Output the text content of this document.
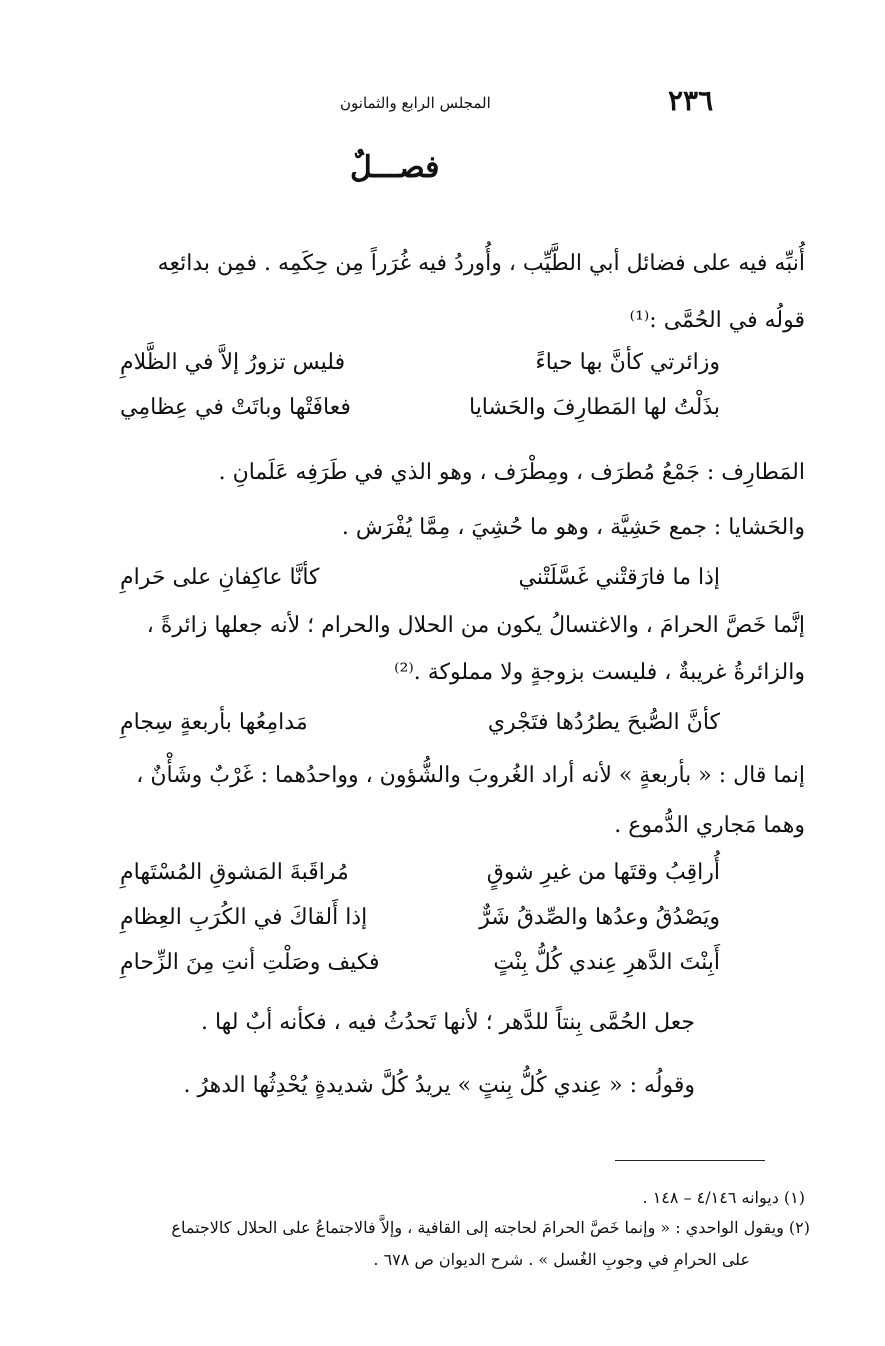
٢٣٦
المجلس الرابع والثمانون
فصـــلٌ
أُنبِّه فيه على فضائل أبي الطَّيِّب ، وأُوردُ فيه غُرَراً مِن حِكَمِه . فمِن بدائعِه
قولُه في الحُمَّى :⁽¹⁾
وزائرتي كأنَّ بها حياءً
فليس تزورُ إلاَّ في الظَّلامِ
بذَلْتُ لها المَطارِفَ والحَشايا
فعافَتْها وباتَتْ في عِظامِي
المَطارِف : جَمْعُ مُطرَف ، ومِطْرَف ، وهو الذي في طَرَفِه عَلَمانِ .
والحَشايا : جمع حَشِيَّة ، وهو ما حُشِيَ ، مِمَّا يُفْرَش .
إذا ما فارَقتْني غَسَّلَتْني
كأنَّا عاكِفانِ على حَرامِ
إنَّما خَصَّ الحرامَ ، والاغتسالُ يكون من الحلال والحرام ؛ لأنه جعلها زائرةً ،
والزائرةُ غريبةٌ ، فليست بزوجةٍ ولا مملوكة .⁽²⁾
كأنَّ الصُّبحَ يطرُدُها فتَجْري
مَدامِعُها بأربعةٍ سِجامِ
إنما قال : « بأربعةٍ » لأنه أراد الغُروبَ والشُّؤون ، وواحدُهما : غَرْبٌ وشَأْنٌ ،
وهما مَجاري الدُّموع .
أُراقِبُ وقتَها من غيرِ شوقٍ
مُراقَبةَ المَشوقِ المُسْتَهامِ
ويَصْدُقُ وعدُها والصِّدقُ شَرٌّ
إذا أَلقاكَ في الكُرَبِ العِظامِ
أَبِنْتَ الدَّهرِ عِندي كُلُّ بِنْتٍ
فكيف وصَلْتِ أنتِ مِنَ الزِّحامِ
جعل الحُمَّى بِنتاً للدَّهر ؛ لأنها تَحدُثُ فيه ، فكأنه أبٌ لها .
وقولُه : « عِندي كُلُّ بِنتٍ » يريدُ كُلَّ شديدةٍ يُحْدِثُها الدهرُ .
(١) ديوانه ٤/١٤٦ – ١٤٨ .
(٢) ويقول الواحدي : « وإنما خَصَّ الحرامَ لحاجته إلى القافية ، وإلاَّ فالاجتماعُ على الحلال كالاجتماع
على الحرامِ في وجوبِ الغُسل » . شرح الديوان ص ٦٧٨ .
